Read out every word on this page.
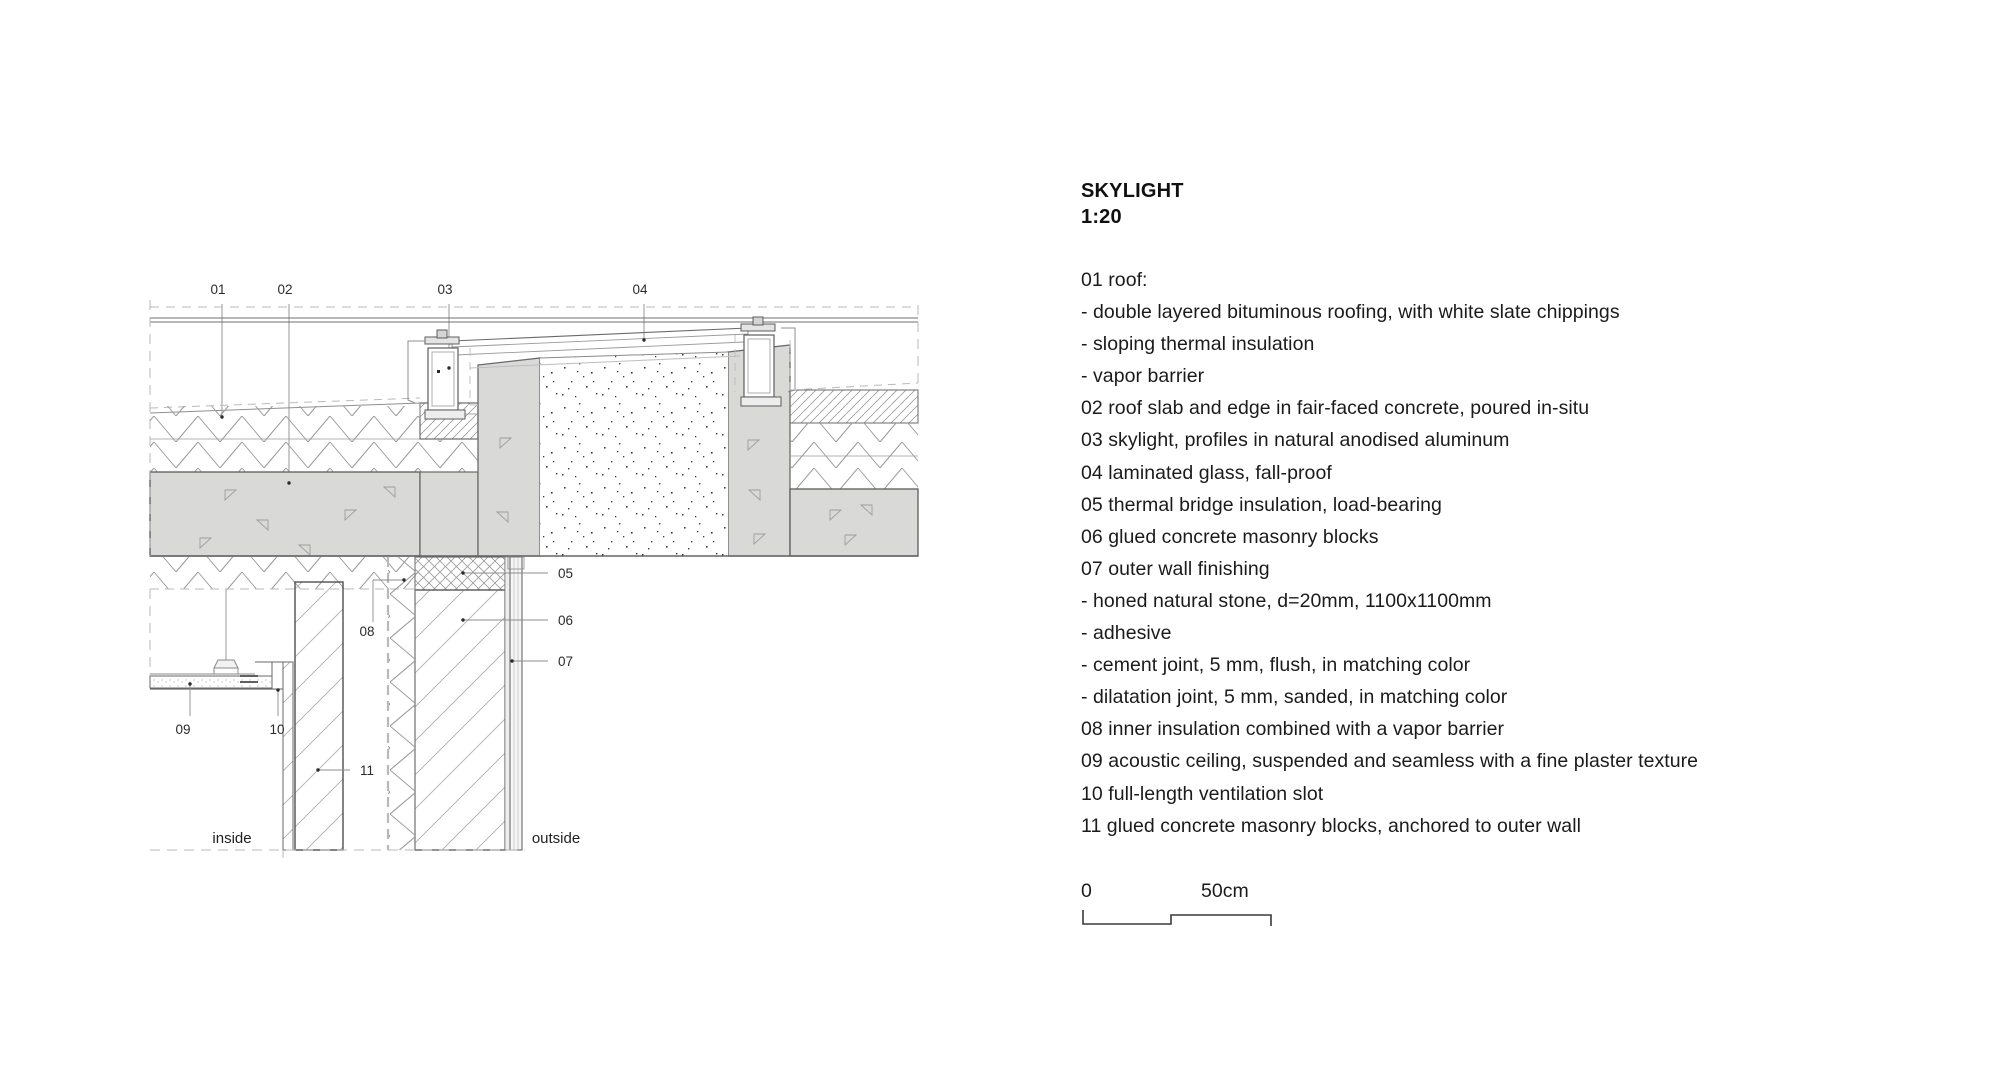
01	02	03	04
05
06
07
08
09	10
11
inside	outside
SKYLIGHT
1:20
01 roof:
- double layered bituminous roofing, with white slate chippings
- sloping thermal insulation
- vapor barrier
02 roof slab and edge in fair-faced concrete, poured in-situ
03 skylight, profiles in natural anodised aluminum
04 laminated glass, fall-proof
05 thermal bridge insulation, load-bearing
06 glued concrete masonry blocks
07 outer wall finishing
- honed natural stone, d=20mm, 1100x1100mm
- adhesive
- cement joint, 5 mm, flush, in matching color
- dilatation joint, 5 mm, sanded, in matching color
08 inner insulation combined with a vapor barrier
09 acoustic ceiling, suspended and seamless with a fine plaster texture
10 full-length ventilation slot
11 glued concrete masonry blocks, anchored to outer wall
0	50cm
